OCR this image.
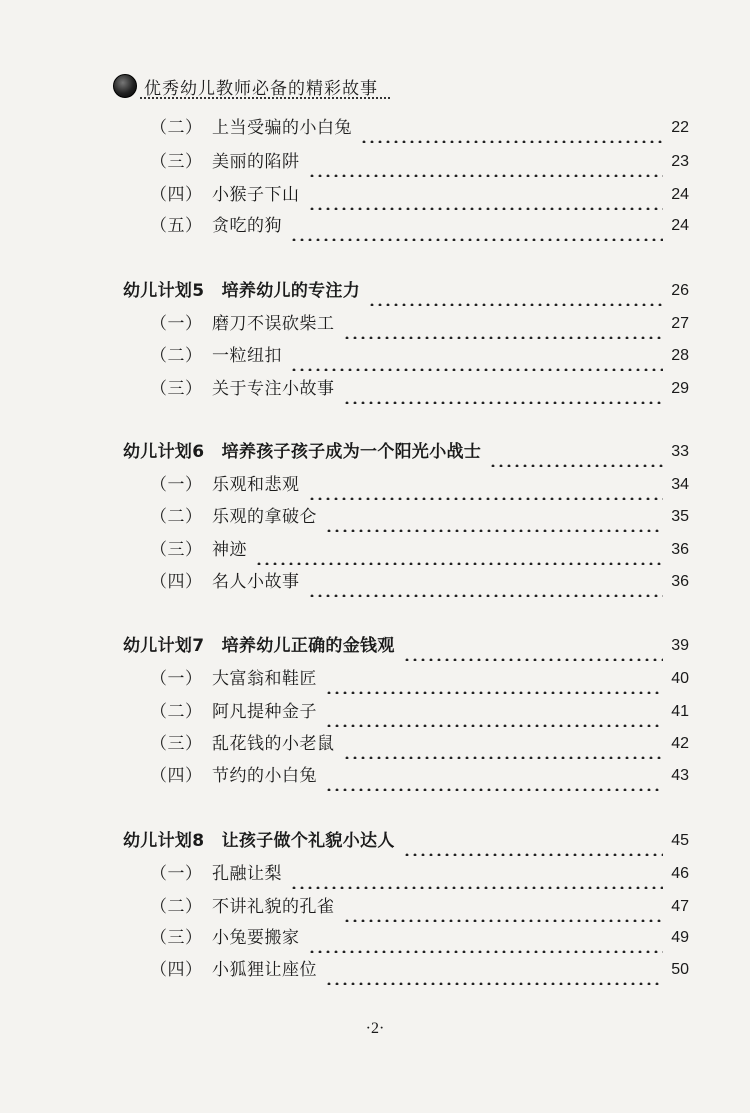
优秀幼儿教师必备的精彩故事
（二） 上当受骗的小白兔	22
（三） 美丽的陷阱	23
（四） 小猴子下山	24
（五） 贪吃的狗	24
幼儿计划5　培养幼儿的专注力	26
（一） 磨刀不误砍柴工	27
（二） 一粒纽扣	28
（三） 关于专注小故事	29
幼儿计划6　培养孩子孩子成为一个阳光小战士	33
（一） 乐观和悲观	34
（二） 乐观的拿破仑	35
（三） 神迹	36
（四） 名人小故事	36
幼儿计划7　培养幼儿正确的金钱观	39
（一） 大富翁和鞋匠	40
（二） 阿凡提种金子	41
（三） 乱花钱的小老鼠	42
（四） 节约的小白兔	43
幼儿计划8　让孩子做个礼貌小达人	45
（一） 孔融让梨	46
（二） 不讲礼貌的孔雀	47
（三） 小兔要搬家	49
（四） 小狐狸让座位	50
·2·
